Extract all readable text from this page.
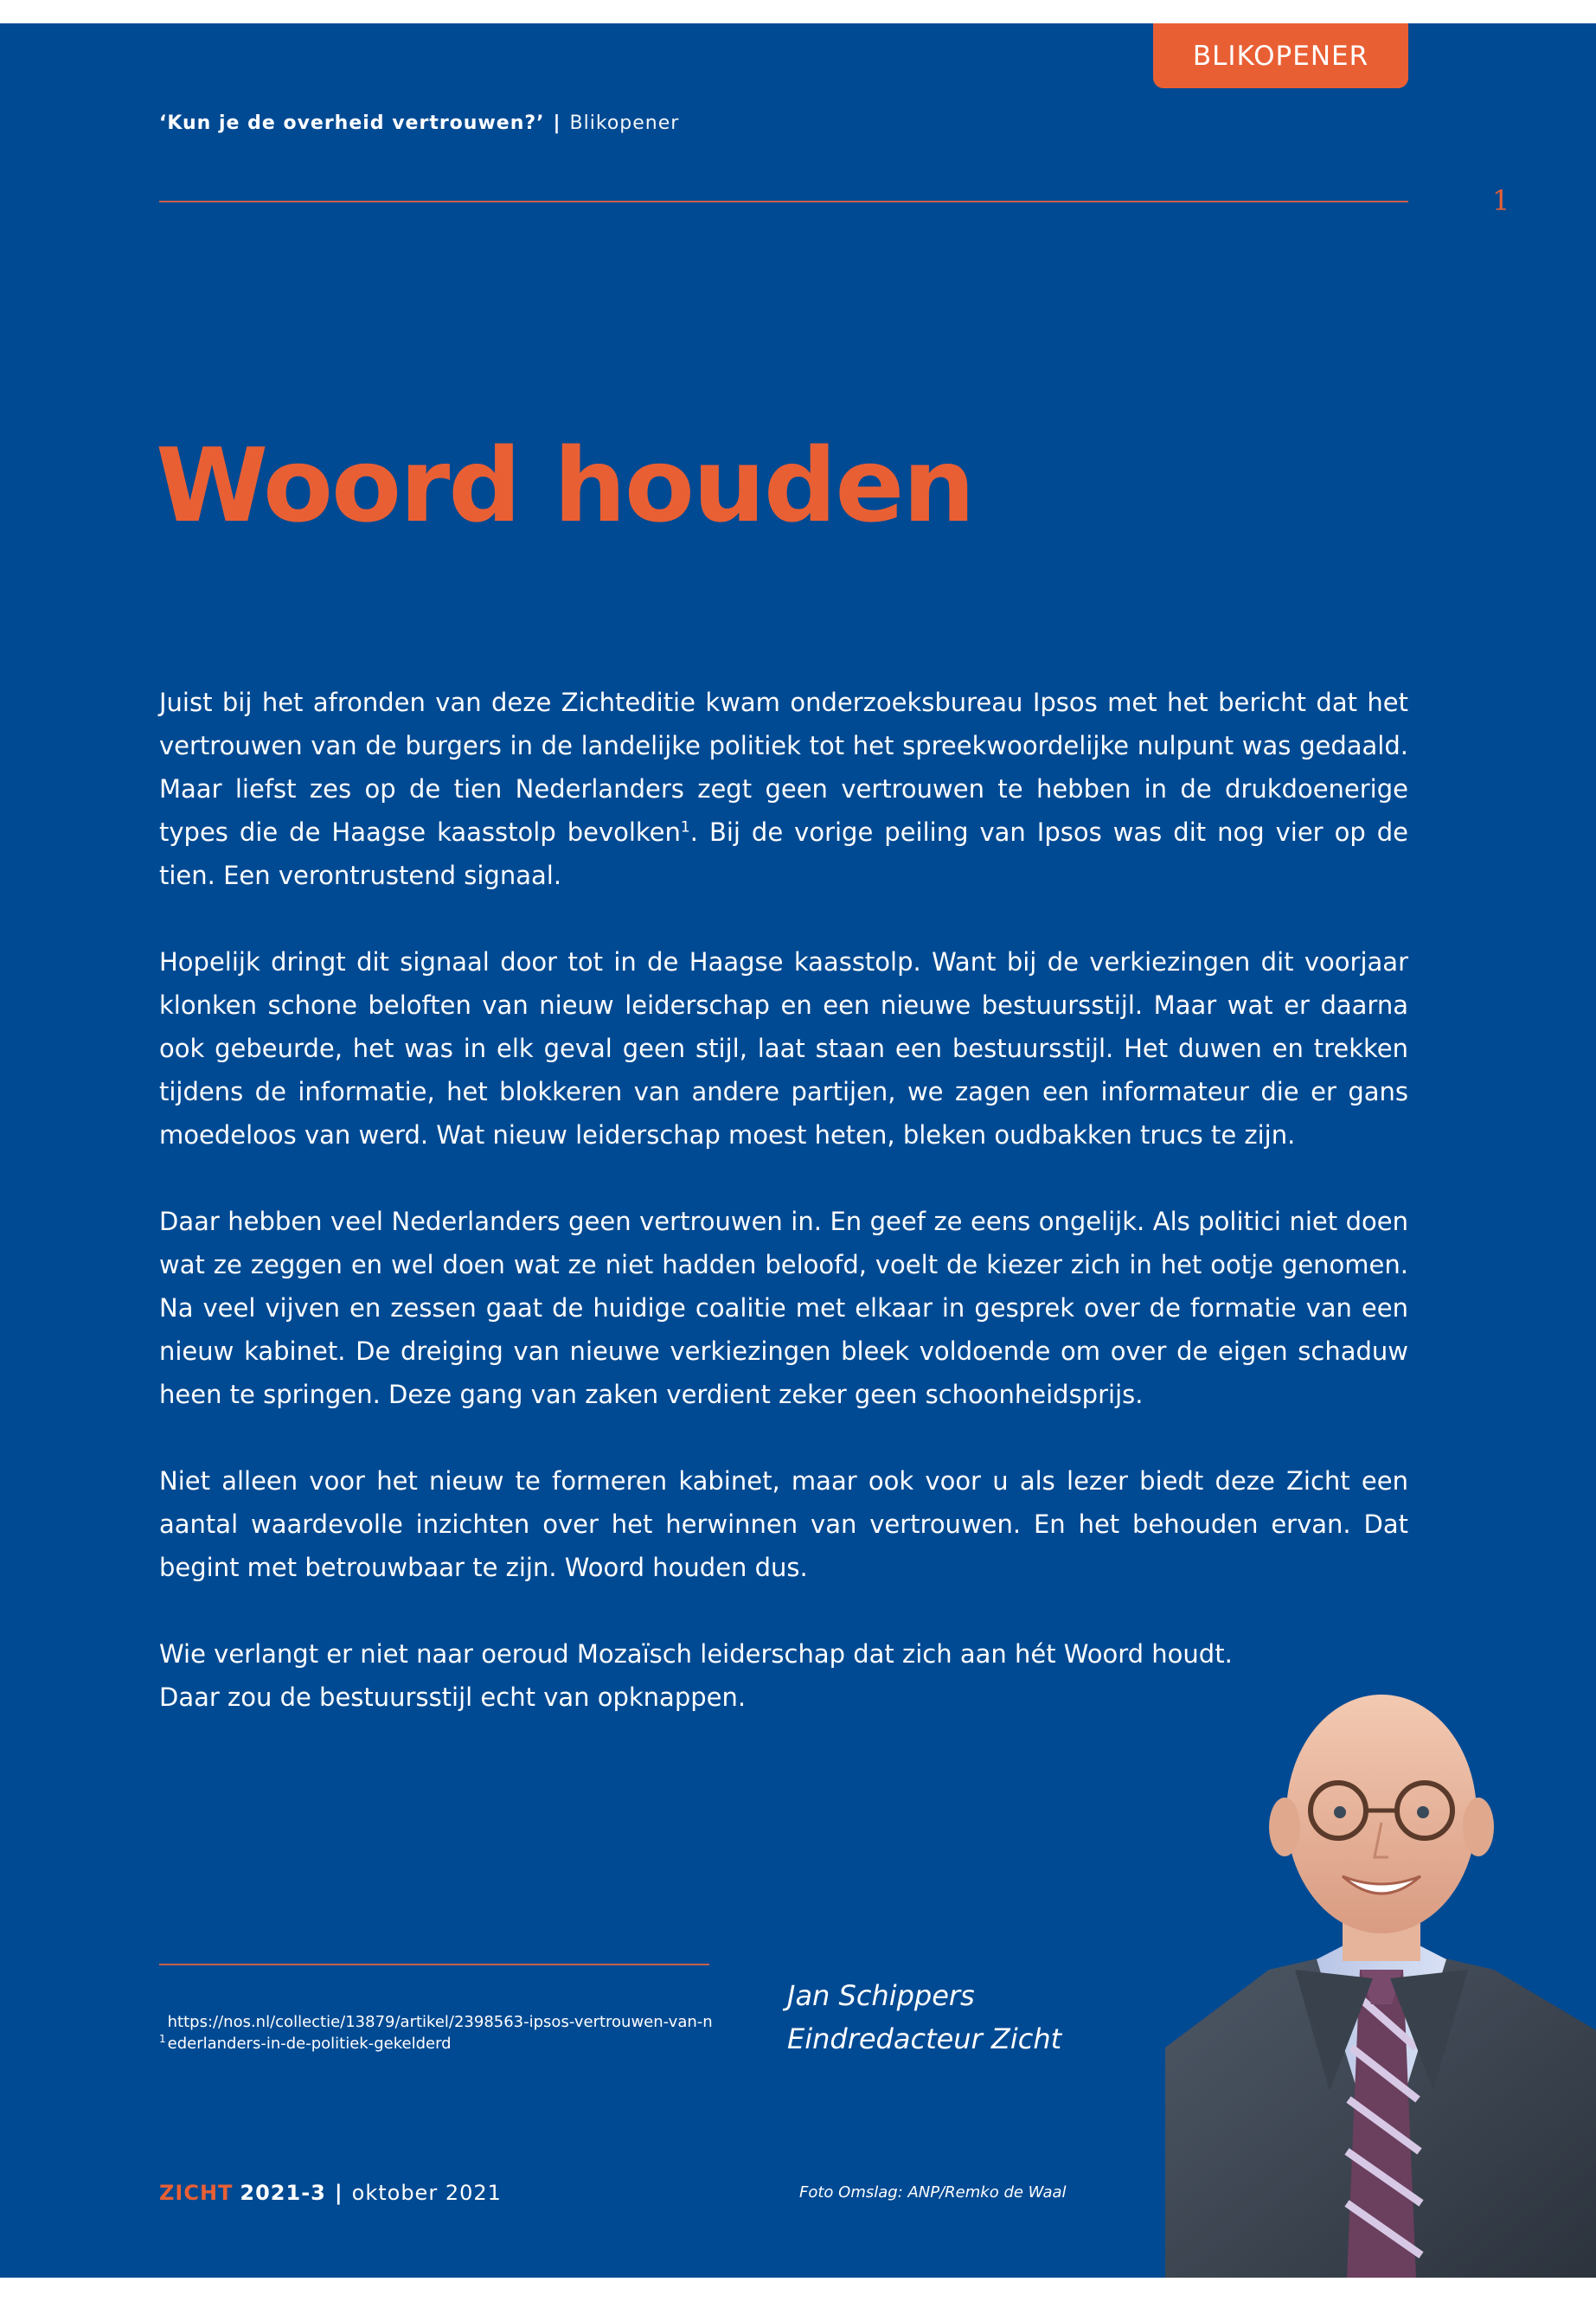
BLIKOPENER
‘Kun je de overheid vertrouwen?’ | Blikopener
1
Woord houden

Juist bij het afronden van deze Zichteditie kwam onderzoeksbureau Ipsos met het bericht dat het vertrouwen van de burgers in de landelijke politiek tot het spreekwoordelijke nulpunt was gedaald. Maar liefst zes op de tien Nederlanders zegt geen vertrouwen te hebben in de drukdoenerige types die de Haagse kaasstolp bevolken$^1$. Bij de vorige peiling van Ipsos was dit nog vier op de tien. Een verontrustend signaal.

Hopelijk dringt dit signaal door tot in de Haagse kaasstolp. Want bij de verkiezingen dit voorjaar klonken schone beloften van nieuw leiderschap en een nieuwe bestuursstijl. Maar wat er daarna ook gebeurde, het was in elk geval geen stijl, laat staan een bestuursstijl. Het duwen en trekken tijdens de informatie, het blokkeren van andere partijen, we zagen een informateur die er gans moedeloos van werd. Wat nieuw leiderschap moest heten, bleken oudbakken trucs te zijn.

Daar hebben veel Nederlanders geen vertrouwen in. En geef ze eens ongelijk. Als politici niet doen wat ze zeggen en wel doen wat ze niet hadden beloofd, voelt de kiezer zich in het ootje genomen. Na veel vijven en zessen gaat de huidige coalitie met elkaar in gesprek over de formatie van een nieuw kabinet. De dreiging van nieuwe verkiezingen bleek voldoende om over de eigen schaduw heen te springen. Deze gang van zaken verdient zeker geen schoonheidsprijs.

Niet alleen voor het nieuw te formeren kabinet, maar ook voor u als lezer biedt deze Zicht een aantal waardevolle inzichten over het herwinnen van vertrouwen. En het behouden ervan. Dat begint met betrouwbaar te zijn. Woord houden dus.

Wie verlangt er niet naar oeroud Mozaïsch leiderschap dat zich aan hét Woord houdt.
Daar zou de bestuursstijl echt van opknappen.

$^1$https://nos.nl/collectie/13879/artikel/2398563-ipsos-vertrouwen-van-nederlanders-in-de-politiek-gekelderd
Jan Schippers
Eindredacteur Zicht
ZICHT 2021-3 | oktober 2021	Foto Omslag: ANP/Remko de Waal
